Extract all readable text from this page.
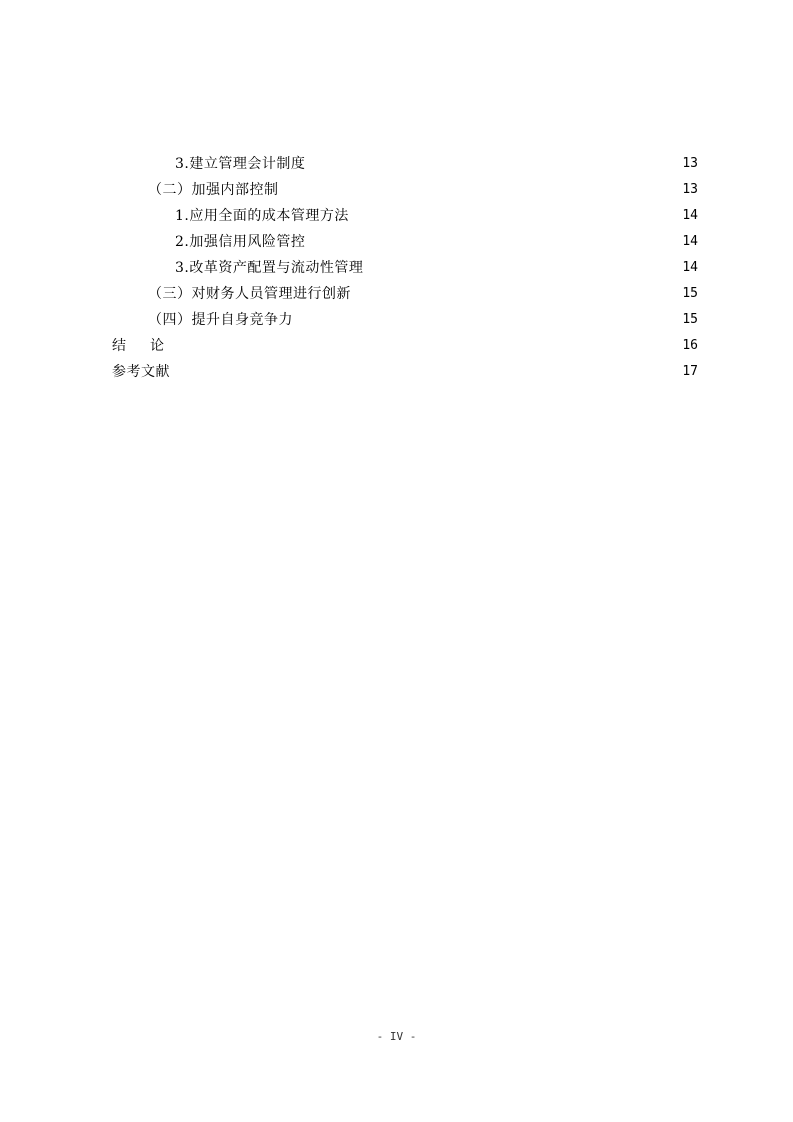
3.建立管理会计制度	13
（二）加强内部控制	13
1.应用全面的成本管理方法	14
2.加强信用风险管控	14
3.改革资产配置与流动性管理	14
（三）对财务人员管理进行创新	15
（四）提升自身竞争力	15
结 论	16
参考文献	17
- IV -
